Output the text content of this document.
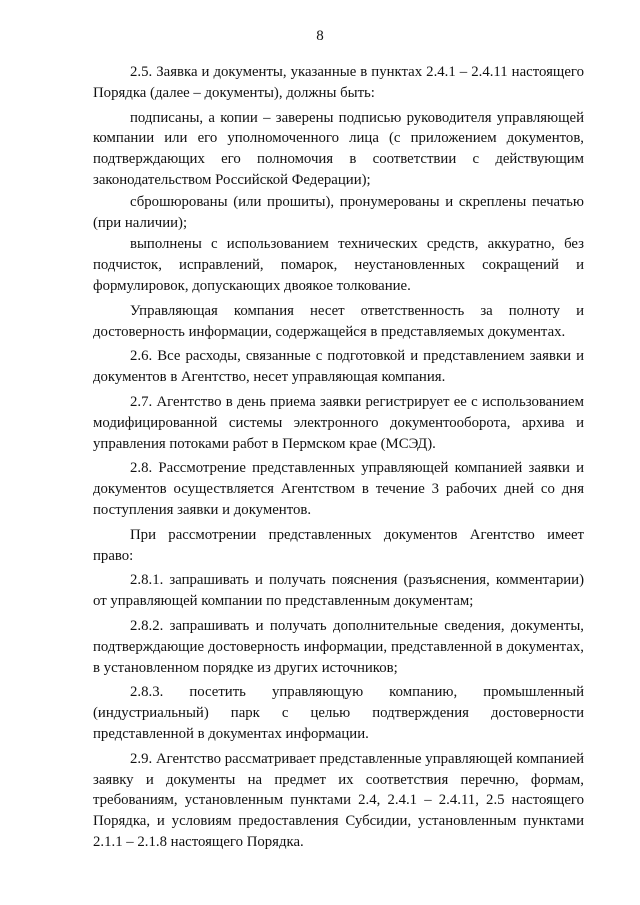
8

2.5. Заявка и документы, указанные в пунктах 2.4.1 – 2.4.11 настоящего Порядка (далее – документы), должны быть:

подписаны, а копии – заверены подписью руководителя управляющей компании или его уполномоченного лица (с приложением документов, подтверждающих его полномочия в соответствии с действующим законодательством Российской Федерации);

сброшюрованы (или прошиты), пронумерованы и скреплены печатью (при наличии);

выполнены с использованием технических средств, аккуратно, без подчисток, исправлений, помарок, неустановленных сокращений и формулировок, допускающих двоякое толкование.

Управляющая компания несет ответственность за полноту и достоверность информации, содержащейся в представляемых документах.

2.6. Все расходы, связанные с подготовкой и представлением заявки и документов в Агентство, несет управляющая компания.

2.7. Агентство в день приема заявки регистрирует ее с использованием модифицированной системы электронного документооборота, архива и управления потоками работ в Пермском крае (МСЭД).

2.8. Рассмотрение представленных управляющей компанией заявки и документов осуществляется Агентством в течение 3 рабочих дней со дня поступления заявки и документов.

При рассмотрении представленных документов Агентство имеет право:

2.8.1. запрашивать и получать пояснения (разъяснения, комментарии) от управляющей компании по представленным документам;

2.8.2. запрашивать и получать дополнительные сведения, документы, подтверждающие достоверность информации, представленной в документах, в установленном порядке из других источников;

2.8.3. посетить управляющую компанию, промышленный (индустриальный) парк с целью подтверждения достоверности представленной в документах информации.

2.9. Агентство рассматривает представленные управляющей компанией заявку и документы на предмет их соответствия перечню, формам, требованиям, установленным пунктами 2.4, 2.4.1 – 2.4.11, 2.5 настоящего Порядка, и условиям предоставления Субсидии, установленным пунктами 2.1.1 – 2.1.8 настоящего Порядка.
